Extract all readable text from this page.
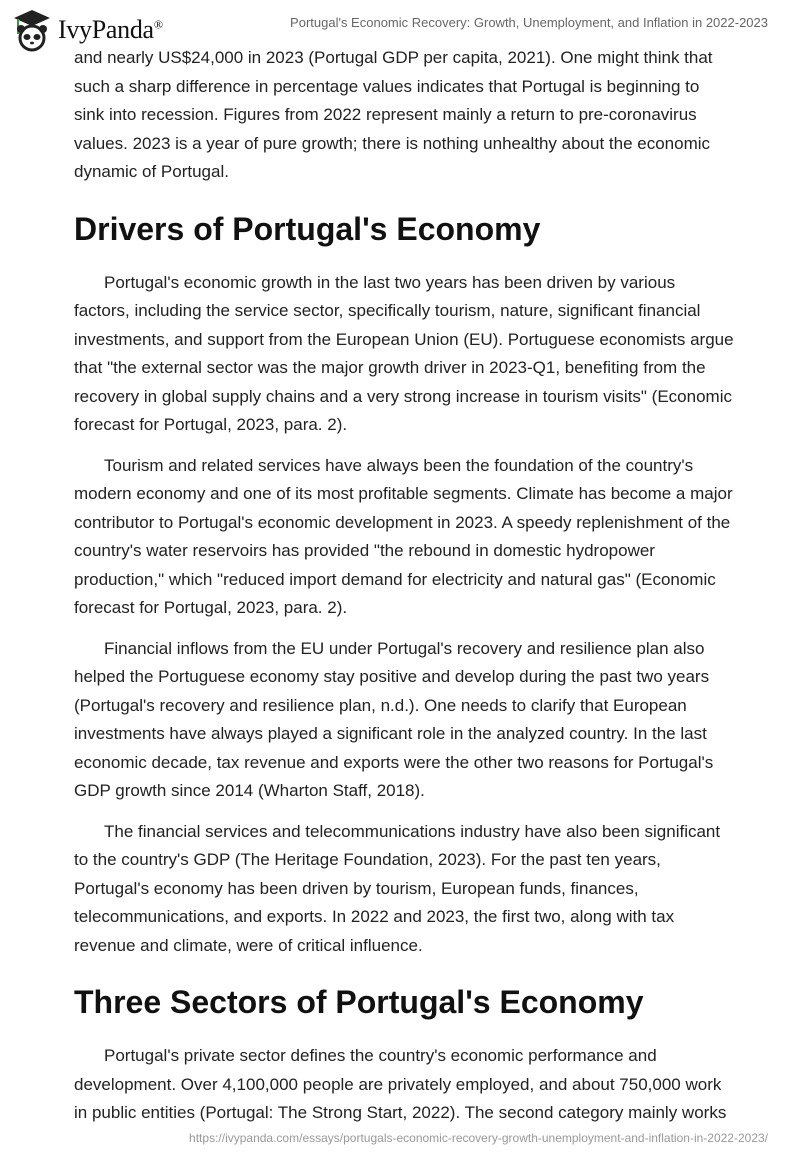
IvyPanda®	Portugal's Economic Recovery: Growth, Unemployment, and Inflation in 2022-2023

and nearly US$24,000 in 2023 (Portugal GDP per capita, 2021). One might think that such a sharp difference in percentage values indicates that Portugal is beginning to sink into recession. Figures from 2022 represent mainly a return to pre-coronavirus values. 2023 is a year of pure growth; there is nothing unhealthy about the economic dynamic of Portugal.

Drivers of Portugal's Economy

Portugal's economic growth in the last two years has been driven by various factors, including the service sector, specifically tourism, nature, significant financial investments, and support from the European Union (EU). Portuguese economists argue that "the external sector was the major growth driver in 2023-Q1, benefiting from the recovery in global supply chains and a very strong increase in tourism visits" (Economic forecast for Portugal, 2023, para. 2).

Tourism and related services have always been the foundation of the country's modern economy and one of its most profitable segments. Climate has become a major contributor to Portugal's economic development in 2023. A speedy replenishment of the country's water reservoirs has provided "the rebound in domestic hydropower production," which "reduced import demand for electricity and natural gas" (Economic forecast for Portugal, 2023, para. 2).

Financial inflows from the EU under Portugal's recovery and resilience plan also helped the Portuguese economy stay positive and develop during the past two years (Portugal's recovery and resilience plan, n.d.). One needs to clarify that European investments have always played a significant role in the analyzed country. In the last economic decade, tax revenue and exports were the other two reasons for Portugal's GDP growth since 2014 (Wharton Staff, 2018).

The financial services and telecommunications industry have also been significant to the country's GDP (The Heritage Foundation, 2023). For the past ten years, Portugal's economy has been driven by tourism, European funds, finances, telecommunications, and exports. In 2022 and 2023, the first two, along with tax revenue and climate, were of critical influence.

Three Sectors of Portugal's Economy

Portugal's private sector defines the country's economic performance and development. Over 4,100,000 people are privately employed, and about 750,000 work in public entities (Portugal: The Strong Start, 2022). The second category mainly works

https://ivypanda.com/essays/portugals-economic-recovery-growth-unemployment-and-inflation-in-2022-2023/
